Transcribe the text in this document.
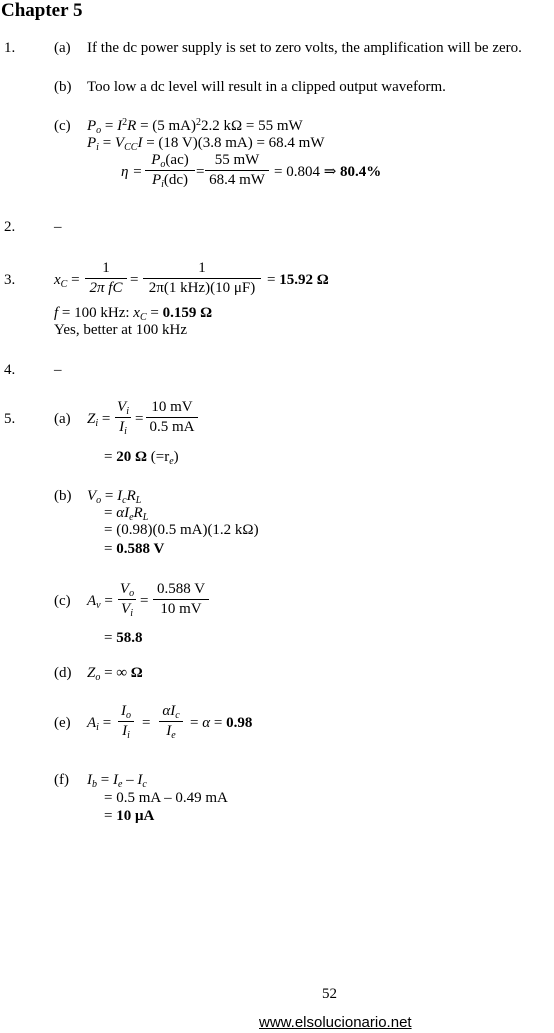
Chapter 5
1.	(a) If the dc power supply is set to zero volts, the amplification will be zero.
(b) Too low a dc level will result in a clipped output waveform.
(c) $P_o = I^2R = (5$ mA)$^2$2.2 kΩ = 55 mW
$P_i = V_{CC}I = (18$ V)(3.8 mA) = 68.4 mW
η =
$P_o(ac)$
$P_i(dc)$ =
55 mW
68.4 mW = 0.804 ⇒ 80.4%
2.	–
3.	$x_C$ =
1
2π fC =
1
2π(1 kHz)(10 μF) = 15.92 Ω
f = 100 kHz: $x_C = 0.159$ Ω
Yes, better at 100 kHz
4.	–
5.	(a) $Z_i$ =
$V_i$
$I_i$
=
10 mV
0.5 mA
= 20 Ω $(=r_e)$
(b) $V_o = I_cR_L$
= $\alpha I_eR_L$
= (0.98)(0.5 mA)(1.2 kΩ)
= 0.588 V
(c) $A_v$ =
$V_o$
$V_i$
=
0.588 V
10 mV
= 58.8
(d) $Z_o$ = ∞ Ω
(e) $A_i$ =
$I_o$
$I_i$
=
$\alpha I_c$
$I_e$
= α = 0.98
(f) $I_b = I_e - I_c$
= 0.5 mA – 0.49 mA
= 10 μA
52
www.elsolucionario.net
